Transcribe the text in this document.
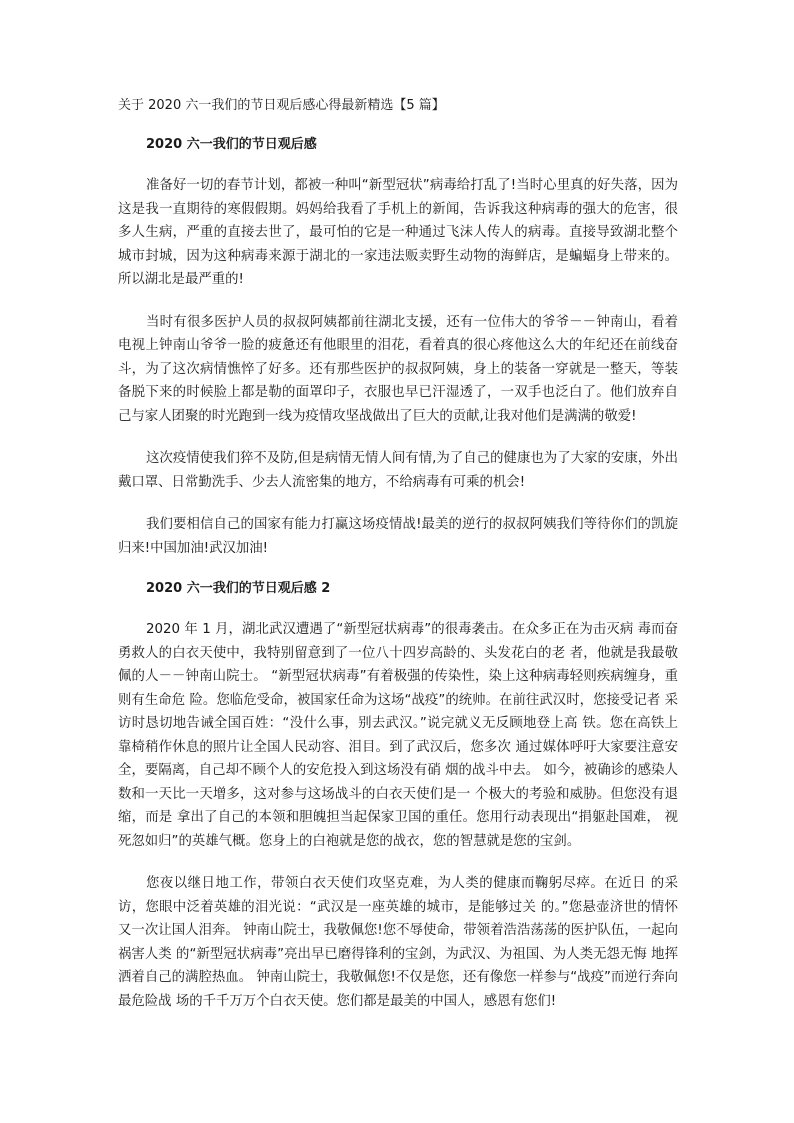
关于 2020 六一我们的节日观后感心得最新精选【5 篇】
2020 六一我们的节日观后感

准备好一切的春节计划，都被一种叫“新型冠状”病毒给打乱了!当时心里真的好失落，因为这是我一直期待的寒假假期。妈妈给我看了手机上的新闻，告诉我这种病毒的强大的危害，很多人生病，严重的直接去世了，最可怕的它是一种通过飞沫人传人的病毒。直接导致湖北整个城市封城，因为这种病毒来源于湖北的一家违法贩卖野生动物的海鲜店，是蝙蝠身上带来的。所以湖北是最严重的!

当时有很多医护人员的叔叔阿姨都前往湖北支援，还有一位伟大的爷爷－－钟南山，看着电视上钟南山爷爷一脸的疲惫还有他眼里的泪花，看着真的很心疼他这么大的年纪还在前线奋斗，为了这次病情憔悴了好多。还有那些医护的叔叔阿姨，身上的装备一穿就是一整天，等装备脱下来的时候脸上都是勒的面罩印子，衣服也早已汗湿透了，一双手也泛白了。他们放弃自己与家人团聚的时光跑到一线为疫情攻坚战做出了巨大的贡献,让我对他们是满满的敬爱!

这次疫情使我们猝不及防,但是病情无情人间有情,为了自己的健康也为了大家的安康，外出戴口罩、日常勤洗手、少去人流密集的地方，不给病毒有可乘的机会!

我们要相信自己的国家有能力打赢这场疫情战!最美的逆行的叔叔阿姨我们等待你们的凯旋归来!中国加油!武汉加油!

2020 六一我们的节日观后感 2

2020 年 1 月，湖北武汉遭遇了“新型冠状病毒”的很毒袭击。在众多正在为击灭病 毒而奋勇救人的白衣天使中，我特别留意到了一位八十四岁高龄的、头发花白的老 者，他就是我最敬佩的人－－钟南山院士。 “新型冠状病毒”有着极强的传染性，染上这种病毒轻则疾病缠身，重则有生命危 险。您临危受命，被国家任命为这场“战疫”的统帅。在前往武汉时，您接受记者 采访时恳切地告诫全国百姓：“没什么事，别去武汉。”说完就义无反顾地登上高 铁。您在高铁上靠椅稍作休息的照片让全国人民动容、泪目。到了武汉后，您多次 通过媒体呼吁大家要注意安全，要隔离，自己却不顾个人的安危投入到这场没有硝 烟的战斗中去。 如今，被确诊的感染人数和一天比一天增多，这对参与这场战斗的白衣天使们是一 个极大的考验和威胁。但您没有退缩，而是 拿出了自己的本领和胆魄担当起保家卫国的重任。您用行动表现出“捐躯赴国难， 视死忽如归”的英雄气概。您身上的白袍就是您的战衣，您的智慧就是您的宝剑。

您夜以继日地工作，带领白衣天使们攻坚克难，为人类的健康而鞠躬尽瘁。在近日 的采访，您眼中泛着英雄的泪光说：“武汉是一座英雄的城市，是能够过关 的。”您悬壶济世的情怀又一次让国人泪奔。 钟南山院士，我敬佩您!您不辱使命，带领着浩浩荡荡的医护队伍，一起向祸害人类 的“新型冠状病毒”亮出早已磨得锋利的宝剑，为武汉、为祖国、为人类无怨无悔 地挥洒着自己的满腔热血。 钟南山院士，我敬佩您!不仅是您，还有像您一样参与“战疫”而逆行奔向最危险战 场的千千万万个白衣天使。您们都是最美的中国人，感恩有您们!
